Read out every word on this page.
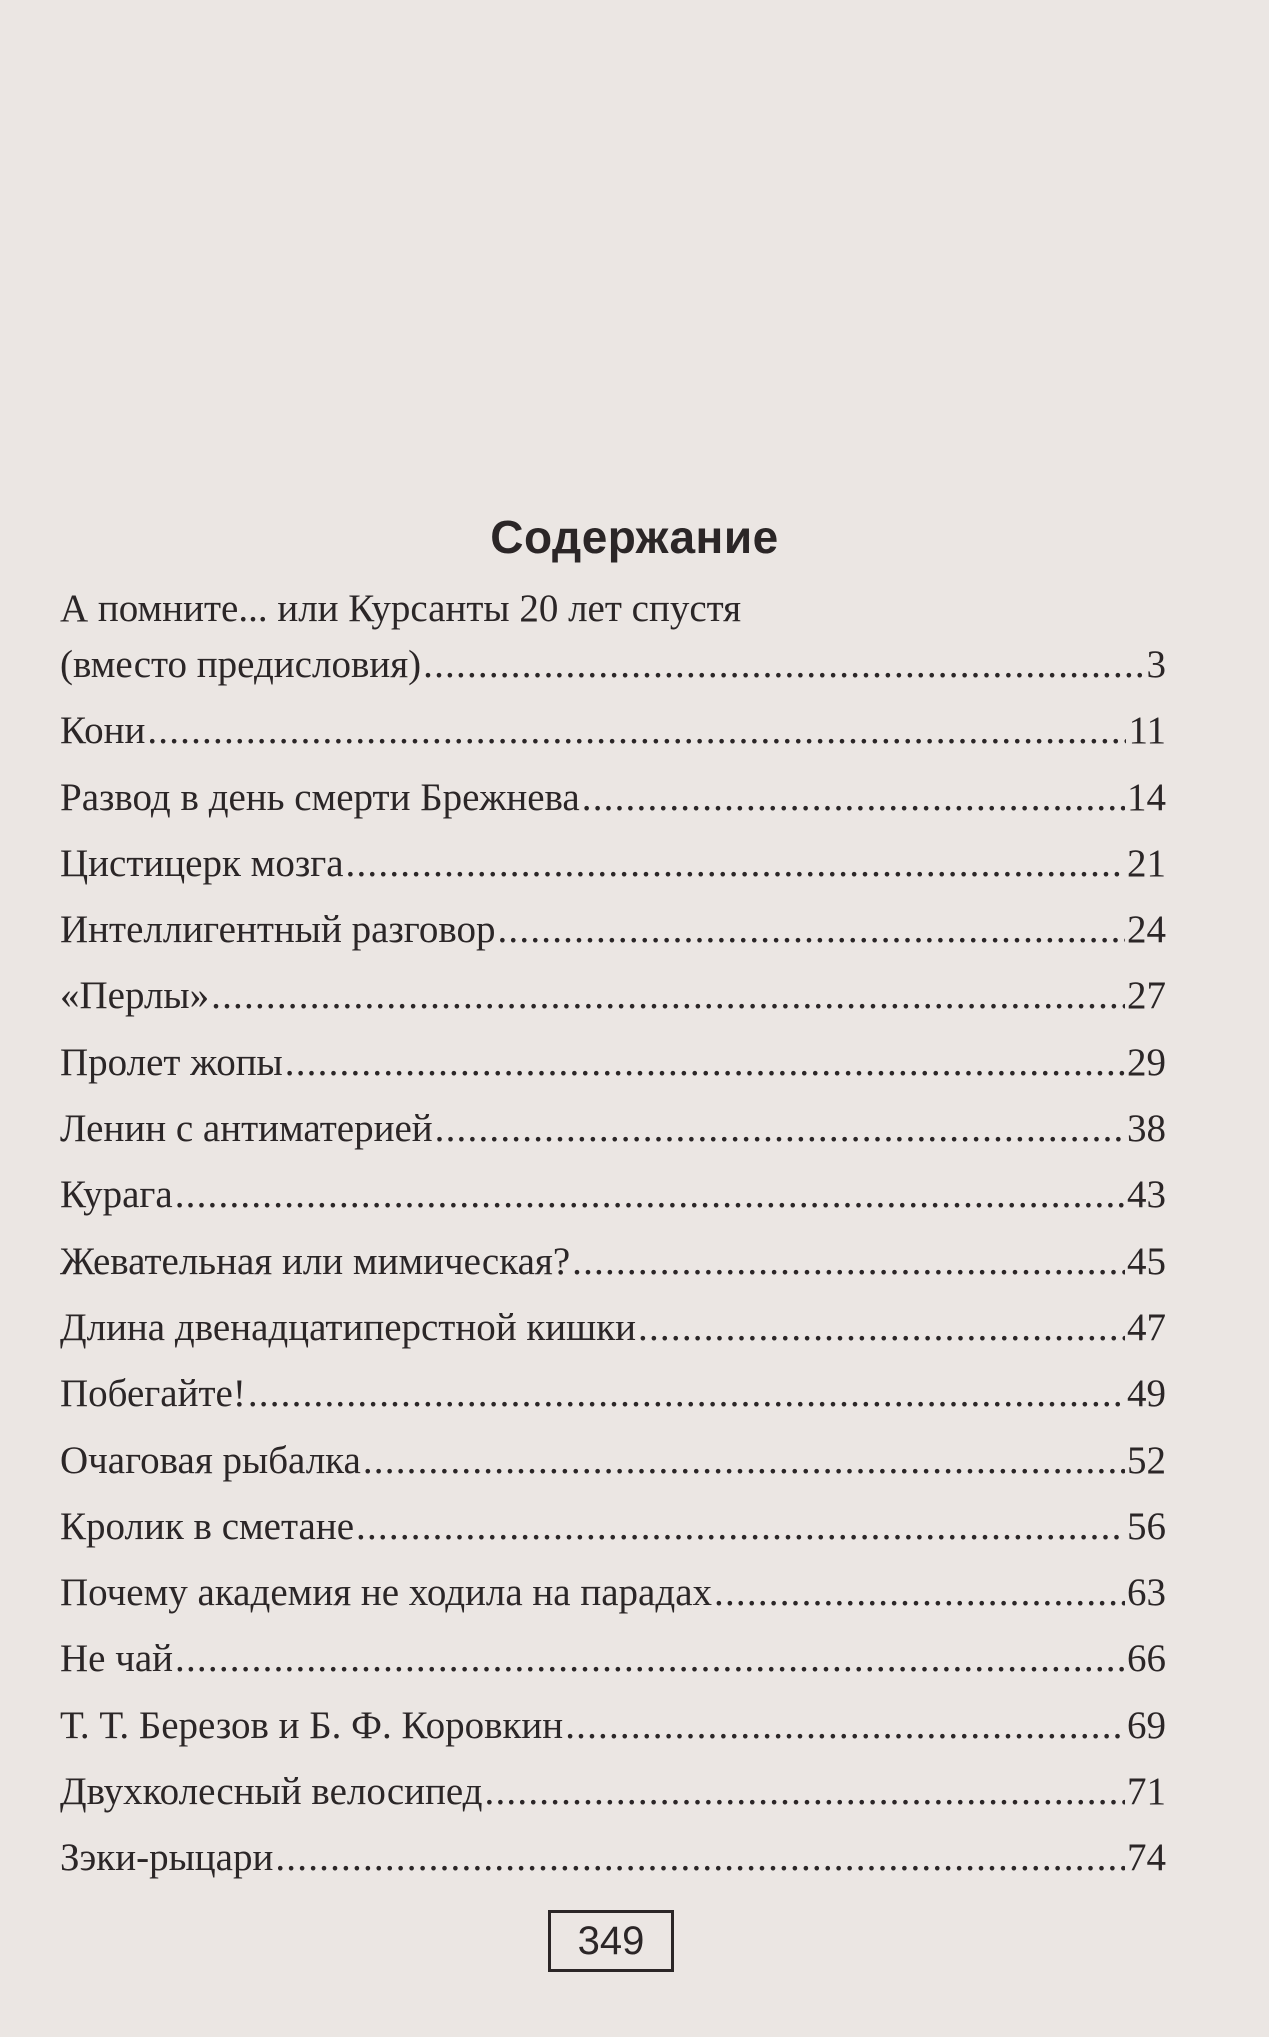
Содержание
А помните... или Курсанты 20 лет спустя
(вместо предисловия) .....	3
Кони .....	11
Развод в день смерти Брежнева .....	14
Цистицерк мозга .....	21
Интеллигентный разговор .....	24
«Перлы» .....	27
Пролет жопы .....	29
Ленин с антиматерией .....	38
Курага .....	43
Жевательная или мимическая? .....	45
Длина двенадцатиперстной кишки .....	47
Побегайте! .....	49
Очаговая рыбалка .....	52
Кролик в сметане .....	56
Почему академия не ходила на парадах .....	63
Не чай .....	66
Т. Т. Березов и Б. Ф. Коровкин .....	69
Двухколесный велосипед .....	71
Зэки-рыцари .....	74
349
